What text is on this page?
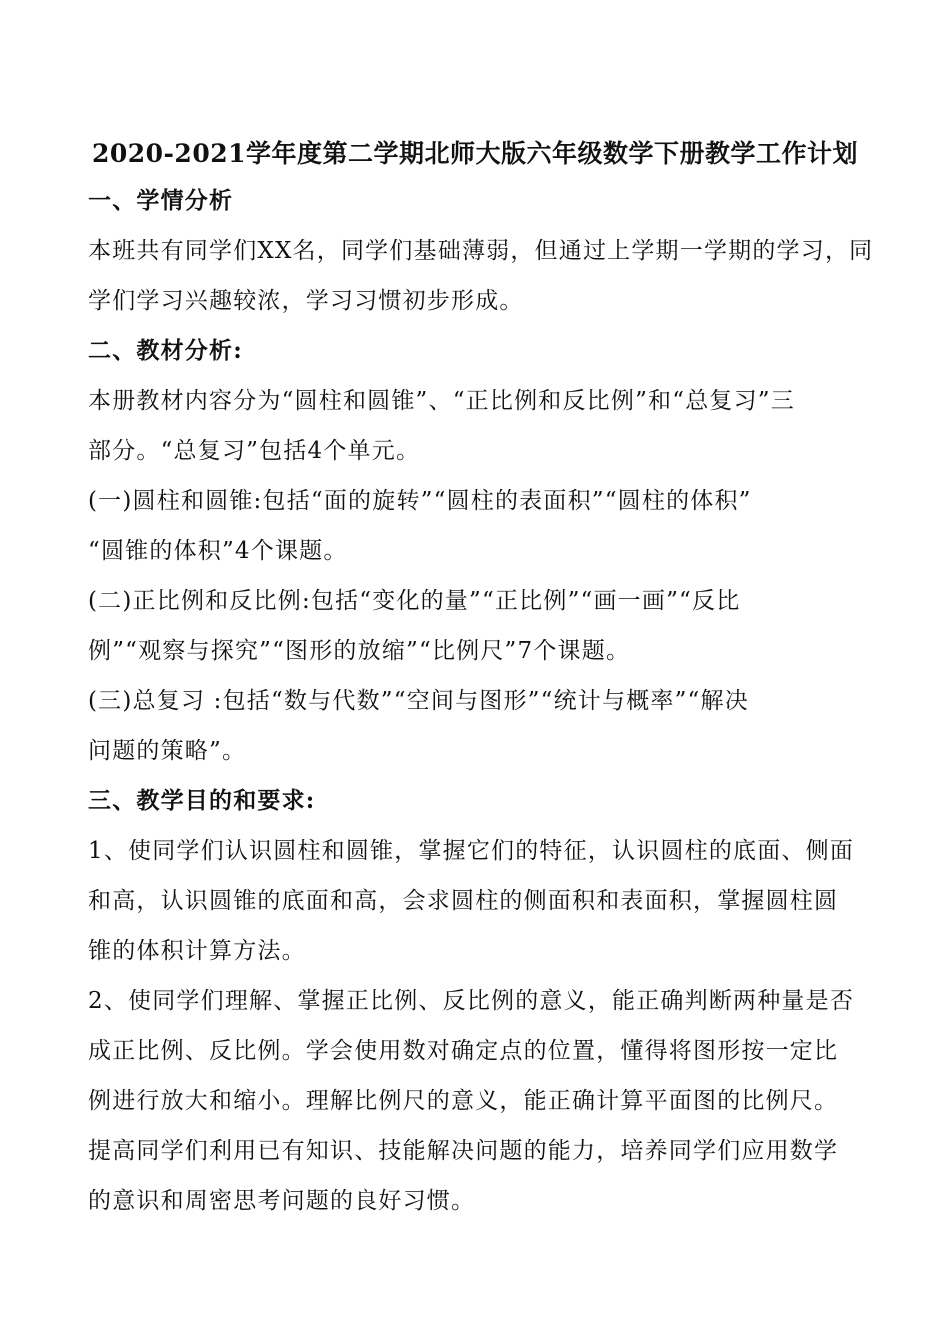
2020-2021学年度第二学期北师大版六年级数学下册教学工作计划
一、学情分析
本班共有同学们XX名，同学们基础薄弱，但通过上学期一学期的学习，同
学们学习兴趣较浓，学习习惯初步形成。
二、教材分析:
本册教材内容分为“圆柱和圆锥”、“正比例和反比例”和“总复习”三
部分。“总复习”包括4个单元。
(一)圆柱和圆锥:包括“面的旋转”“圆柱的表面积”“圆柱的体积”
“圆锥的体积”4个课题。
(二)正比例和反比例:包括“变化的量”“正比例”“画一画”“反比
例”“观察与探究”“图形的放缩”“比例尺”7个课题。
(三)总复习 :包括“数与代数”“空间与图形”“统计与概率”“解决
问题的策略”。
三、教学目的和要求:
1、使同学们认识圆柱和圆锥，掌握它们的特征，认识圆柱的底面、侧面
和高，认识圆锥的底面和高，会求圆柱的侧面积和表面积，掌握圆柱圆
锥的体积计算方法。
2、使同学们理解、掌握正比例、反比例的意义，能正确判断两种量是否
成正比例、反比例。学会使用数对确定点的位置，懂得将图形按一定比
例进行放大和缩小。理解比例尺的意义，能正确计算平面图的比例尺。
提高同学们利用已有知识、技能解决问题的能力，培养同学们应用数学
的意识和周密思考问题的良好习惯。
